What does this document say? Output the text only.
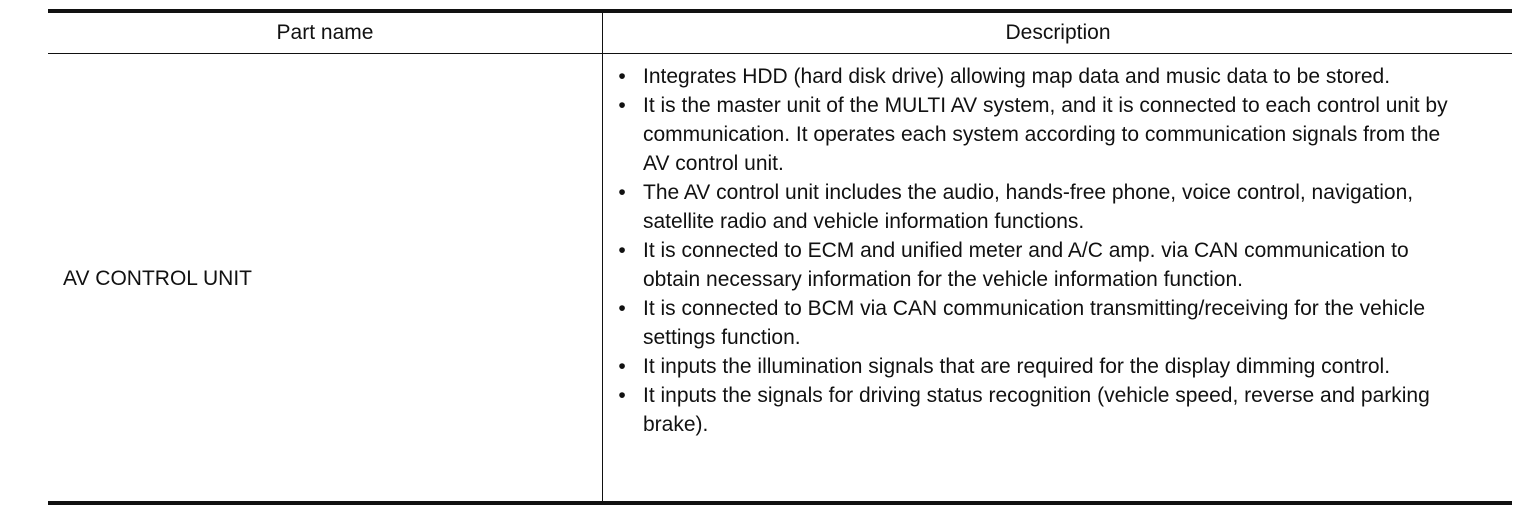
Part name	Description
AV CONTROL UNIT
• Integrates HDD (hard disk drive) allowing map data and music data to be stored.
• It is the master unit of the MULTI AV system, and it is connected to each control unit by communication. It operates each system according to communication signals from the AV control unit.
• The AV control unit includes the audio, hands-free phone, voice control, navigation, satellite radio and vehicle information functions.
• It is connected to ECM and unified meter and A/C amp. via CAN communication to obtain necessary information for the vehicle information function.
• It is connected to BCM via CAN communication transmitting/receiving for the vehicle settings function.
• It inputs the illumination signals that are required for the display dimming control.
• It inputs the signals for driving status recognition (vehicle speed, reverse and parking brake).
